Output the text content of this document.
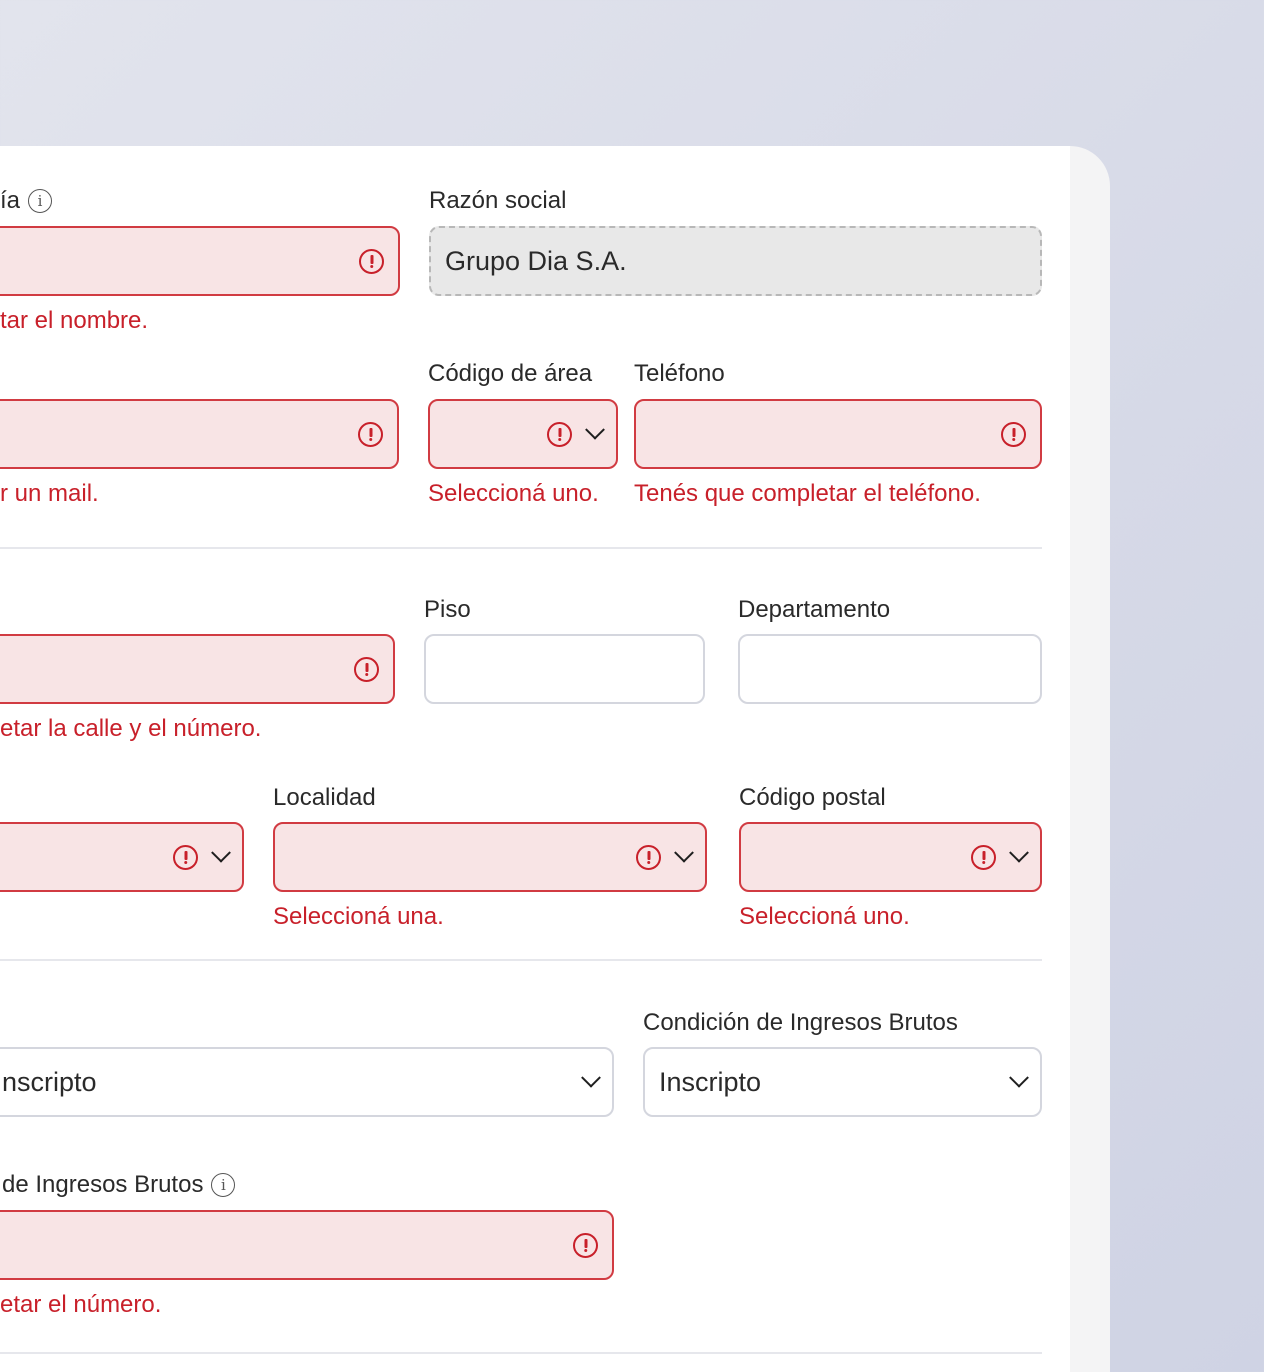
ía	i
tar el nombre.
Razón social
Grupo Dia S.A.
r un mail.
Código de área
Seleccioná uno.
Teléfono
Tenés que completar el teléfono.
etar la calle y el número.
Piso	Departamento
Localidad
Seleccioná una.
Código postal
Seleccioná uno.
nscripto
Condición de Ingresos Brutos
Inscripto
de Ingresos Brutos	i
etar el número.
